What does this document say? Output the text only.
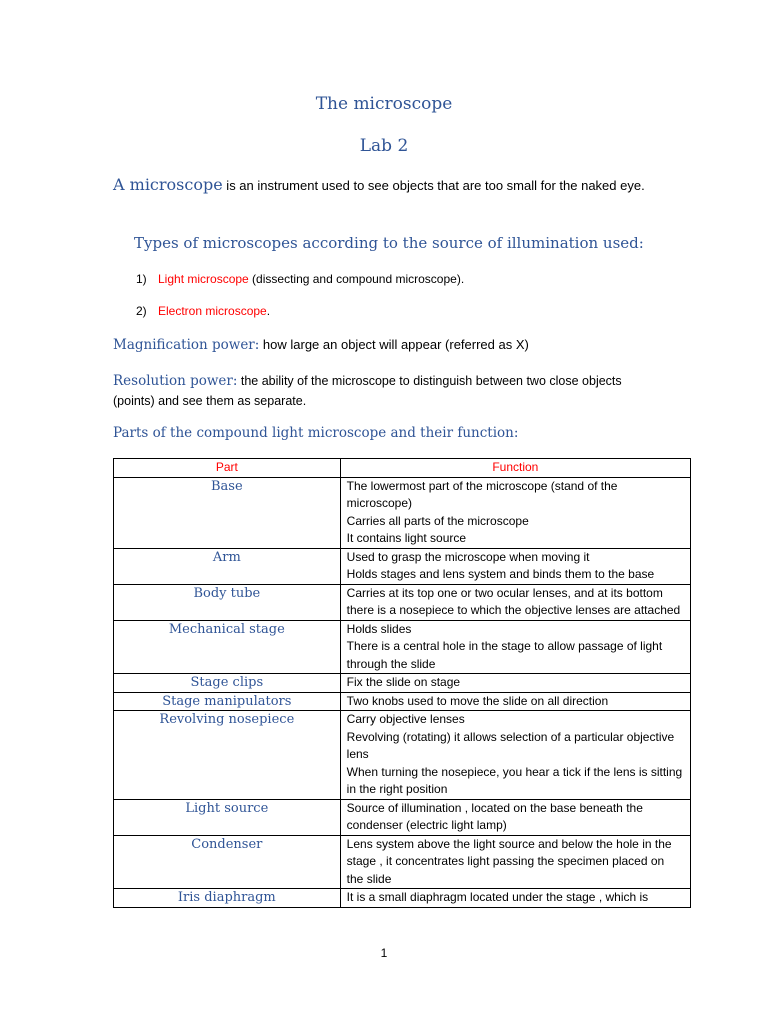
The microscope
Lab 2

A microscope is an instrument used to see objects that are too small for the naked eye.

Types of microscopes according to the source of illumination used:

1) Light microscope (dissecting and compound microscope).

2) Electron microscope.

Magnification power: how large an object will appear (referred as X)

Resolution power: the ability of the microscope to distinguish between two close objects (points) and see them as separate.

Parts of the compound light microscope and their function:
Part	Function
Base	The lowermost part of the microscope (stand of the microscope)
Carries all parts of the microscope
It contains light source

Arm	Used to grasp the microscope when moving it
Holds stages and lens system and binds them to the base

Body tube	Carries at its top one or two ocular lenses, and at its bottom there is a nosepiece to which the objective lenses are attached

Mechanical stage	Holds slides
There is a central hole in the stage to allow passage of light through the slide

Stage clips	Fix the slide on stage

Stage manipulators	Two knobs used to move the slide on all direction

Revolving nosepiece	Carry objective lenses
Revolving (rotating) it allows selection of a particular objective lens
When turning the nosepiece, you hear a tick if the lens is sitting in the right position

Light source	Source of illumination , located on the base beneath the condenser (electric light lamp)

Condenser	Lens system above the light source and below the hole in the stage , it concentrates light passing the specimen placed on the slide

Iris diaphragm	It is a small diaphragm located under the stage , which is

1
